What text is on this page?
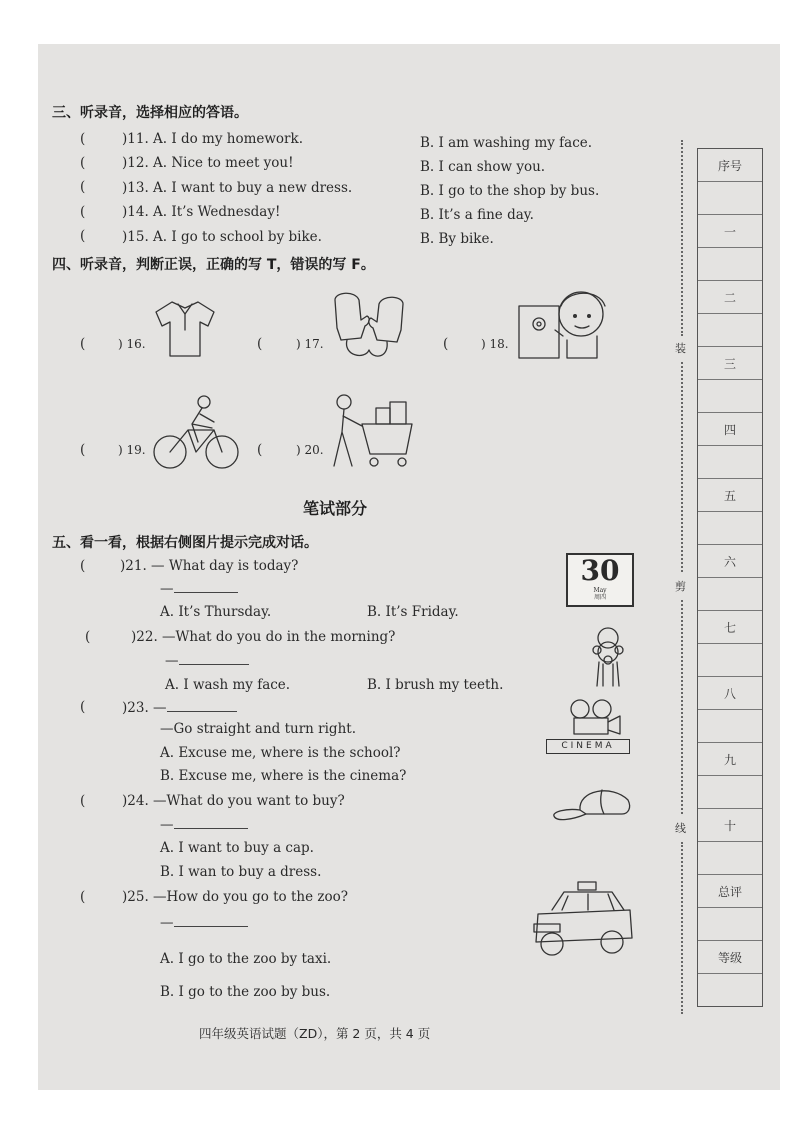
三、听录音，选择相应的答语。
(	)11. A. I do my homework.	B. I am washing my face.
(	)12. A. Nice to meet you!	B. I can show you.
(	)13. A. I want to buy a new dress.	B. I go to the shop by bus.
(	)14. A. It’s Wednesday!	B. It’s a fine day.
(	)15. A. I go to school by bike.	B. By bike.
四、听录音，判断正误，正确的写 T，错误的写 F。
(	) 16.	(	) 17.	(	) 18.
(	) 19.	(	) 20.
笔试部分
五、看一看，根据右侧图片提示完成对话。
(	)21. — What day is today?
—
A. It’s Thursday.	B. It’s Friday.
30
May
周四
(	)22. —What do you do in the morning?
—
A. I wash my face.	B. I brush my teeth.
(	)23. —
—Go straight and turn right.
A. Excuse me, where is the school?
B. Excuse me, where is the cinema?
CINEMA
(	)24. —What do you want to buy?
—
A. I want to buy a cap.
B. I wan to buy a dress.
(	)25. —How do you go to the zoo?
—
A. I go to the zoo by taxi.
B. I go to the zoo by bus.
四年级英语试题（ZD），第 2 页，共 4 页
装
剪
线
序号
一
二
三
四
五
六
七
八
九
十
总评
等级
